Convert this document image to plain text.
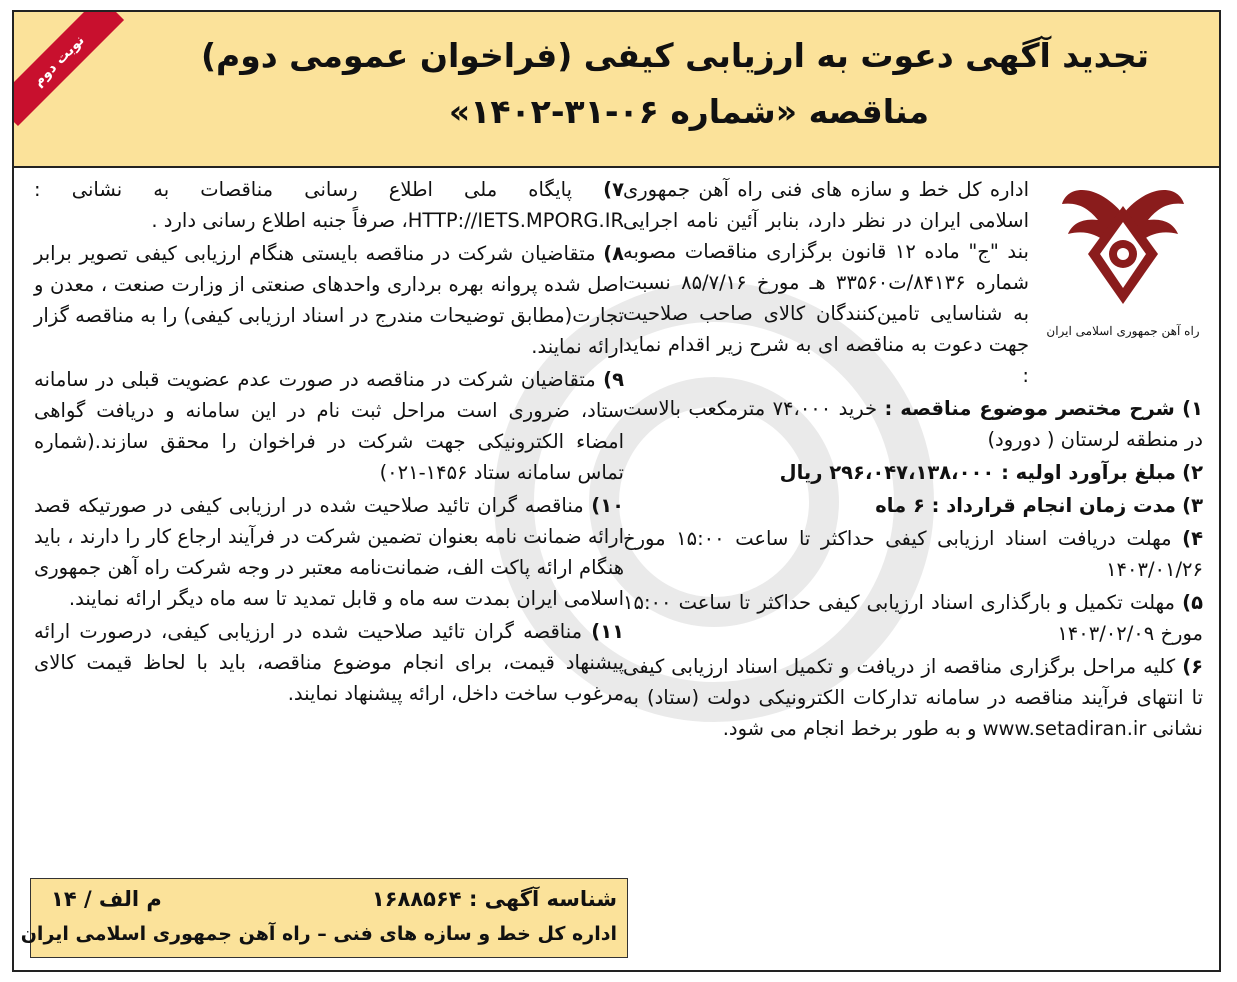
نوبت دوم	تجدید آگهی دعوت به ارزیابی کیفی (فراخوان عمومی دوم)
مناقصه «شماره ۰۶-۳۱-۱۴۰۲»
راه آهن جمهوری اسلامی ایران

اداره کل خط و سازه های فنی راه آهن جمهوری اسلامی ایران در نظر دارد، بنابر آئین نامه اجرایی بند "ج" ماده ۱۲ قانون برگزاری مناقصات مصوبه شماره ۸۴۱۳۶/ت۳۳۵۶۰ هـ مورخ ۸۵/۷/۱۶ نسبت به شناسایی تامین‌کنندگان کالای صاحب صلاحیت جهت دعوت به مناقصه ای به شرح زیر اقدام نماید :

۱) شرح مختصر موضوع مناقصه : خرید ۷۴،۰۰۰ مترمکعب بالاست در منطقه لرستان ( دورود)

۲) مبلغ برآورد اولیه : ۲۹۶،۰۴۷،۱۳۸،۰۰۰ ریال

۳) مدت زمان انجام قرارداد : ۶ ماه

۴) مهلت دریافت اسناد ارزیابی کیفی حداکثر تا ساعت ۱۵:۰۰ مورخ ۱۴۰۳/۰۱/۲۶

۵) مهلت تکمیل و بارگذاری اسناد ارزیابی کیفی حداکثر تا ساعت ۱۵:۰۰ مورخ ۱۴۰۳/۰۲/۰۹

۶) کلیه مراحل برگزاری مناقصه از دریافت و تکمیل اسناد ارزیابی کیفی تا انتهای فرآیند مناقصه در سامانه تدارکات الکترونیکی دولت (ستاد) به نشانی www.setadiran.ir و به طور برخط انجام می شود.

۷) پایگاه ملی اطلاع رسانی مناقصات به نشانی : HTTP://IETS.MPORG.IR، صرفاً جنبه اطلاع رسانی دارد .

۸) متقاضیان شرکت در مناقصه بایستی هنگام ارزیابی کیفی تصویر برابر اصل شده پروانه بهره برداری واحدهای صنعتی از وزارت صنعت ، معدن و تجارت(مطابق توضیحات مندرج در اسناد ارزیابی کیفی) را به مناقصه گزار ارائه نمایند.

۹) متقاضیان شرکت در مناقصه در صورت عدم عضویت قبلی در سامانه ستاد، ضروری است مراحل ثبت نام در این سامانه و دریافت گواهی امضاء الکترونیکی جهت شرکت در فراخوان را محقق سازند.(شماره تماس سامانه ستاد ۱۴۵۶-۰۲۱)

۱۰) مناقصه گران تائید صلاحیت شده در ارزیابی کیفی در صورتیکه قصد ارائه ضمانت نامه بعنوان تضمین شرکت در فرآیند ارجاع کار را دارند ، باید هنگام ارائه پاکت الف، ضمانت‌نامه معتبر در وجه شرکت راه آهن جمهوری اسلامی ایران بمدت سه ماه و قابل تمدید تا سه ماه دیگر ارائه نمایند.

۱۱) مناقصه گران تائید صلاحیت شده در ارزیابی کیفی، درصورت ارائه پیشنهاد قیمت، برای انجام موضوع مناقصه، باید با لحاظ قیمت کالای مرغوب ساخت داخل، ارائه پیشنهاد نمایند.

شناسه آگهی : ۱۶۸۸۵۶۴
م الف / ۱۴
اداره کل خط و سازه های فنی – راه آهن جمهوری اسلامی ایران
